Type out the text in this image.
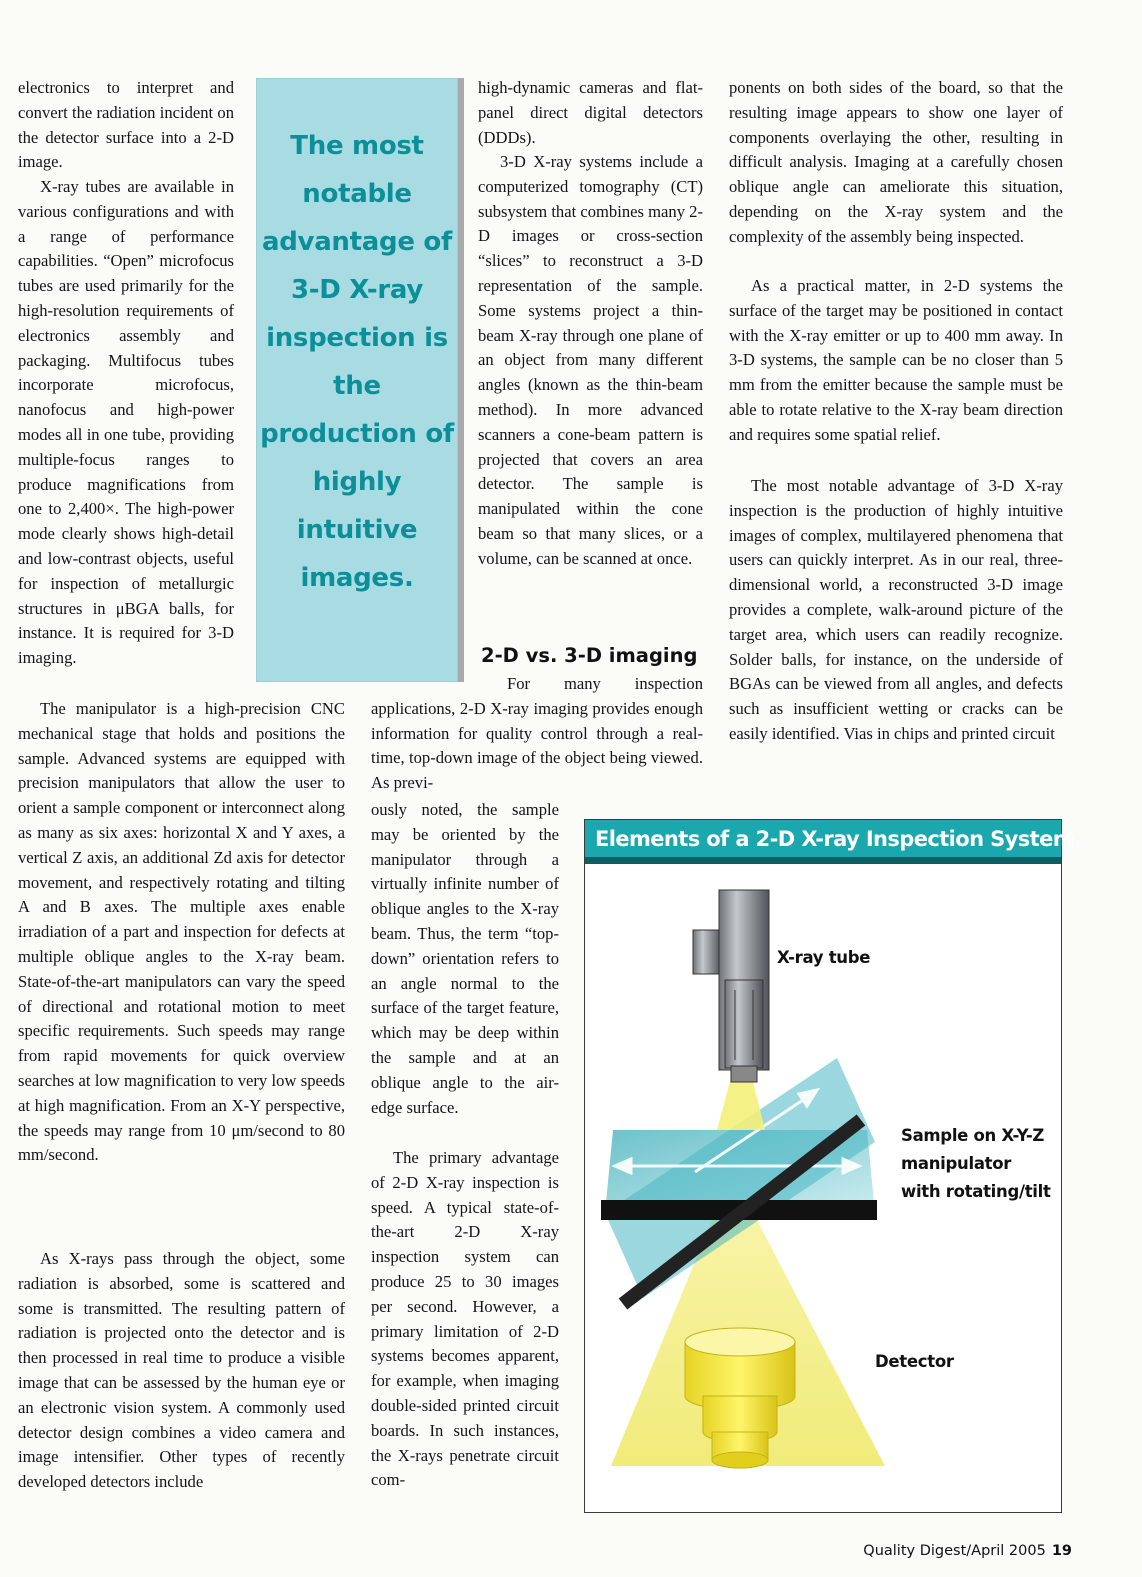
electronics to interpret and convert the radiation incident on the detector surface into a 2-D image.

X-ray tubes are available in various configurations and with a range of performance capabilities. “Open” microfocus tubes are used primarily for the high-resolution requirements of electronics assembly and packaging. Multifocus tubes incorporate microfocus, nanofocus and high-power modes all in one tube, providing multiple-focus ranges to produce magnifications from one to 2,400×. The high-power mode clearly shows high-detail and low-contrast objects, useful for inspection of metallurgic structures in μBGA balls, for instance. It is required for 3-D imaging.

The manipulator is a high-precision CNC mechanical stage that holds and positions the sample. Advanced systems are equipped with precision manipulators that allow the user to orient a sample component or interconnect along as many as six axes: horizontal X and Y axes, a vertical Z axis, an additional Zd axis for detector movement, and respectively rotating and tilting A and B axes. The multiple axes enable irradiation of a part and inspection for defects at multiple oblique angles to the X-ray beam. State-of-the-art manipulators can vary the speed of directional and rotational motion to meet specific requirements. Such speeds may range from rapid movements for quick overview searches at low magnification to very low speeds at high magnification. From an X-Y perspective, the speeds may range from 10 μm/second to 80 mm/second.

As X-rays pass through the object, some radiation is absorbed, some is scattered and some is transmitted. The resulting pattern of radiation is projected onto the detector and is then processed in real time to produce a visible image that can be assessed by the human eye or an electronic vision system. A commonly used detector design combines a video camera and image intensifier. Other types of recently developed detectors include

The most notable advantage of 3-D X-ray inspection is the production of highly intuitive images.

high-dynamic cameras and flat-panel direct digital detectors (DDDs).

3-D X-ray systems include a computerized tomography (CT) subsystem that combines many 2-D images or cross-section “slices” to reconstruct a 3-D representation of the sample. Some systems project a thin-beam X-ray through one plane of an object from many different angles (known as the thin-beam method). In more advanced scanners a cone-beam pattern is projected that covers an area detector. The sample is manipulated within the cone beam so that many slices, or a volume, can be scanned at once.

2-D vs. 3-D imaging

For many inspection applications, 2-D X-ray imaging provides enough information for quality control through a real-time, top-down image of the object being viewed. As previ-

ously noted, the sample may be oriented by the manipulator through a virtually infinite number of oblique angles to the X-ray beam. Thus, the term “top-down” orientation refers to an angle normal to the surface of the target feature, which may be deep within the sample and at an oblique angle to the air-edge surface.

The primary advantage of 2-D X-ray inspection is speed. A typical state-of-the-art 2-D X-ray inspection system can produce 25 to 30 images per second. However, a primary limitation of 2-D systems becomes apparent, for example, when imaging double-sided printed circuit boards. In such instances, the X-rays penetrate circuit com-

ponents on both sides of the board, so that the resulting image appears to show one layer of components overlaying the other, resulting in difficult analysis. Imaging at a carefully chosen oblique angle can ameliorate this situation, depending on the X-ray system and the complexity of the assembly being inspected.

As a practical matter, in 2-D systems the surface of the target may be positioned in contact with the X-ray emitter or up to 400 mm away. In 3-D systems, the sample can be no closer than 5 mm from the emitter because the sample must be able to rotate relative to the X-ray beam direction and requires some spatial relief.

The most notable advantage of 3-D X-ray inspection is the production of highly intuitive images of complex, multilayered phenomena that users can quickly interpret. As in our real, three-dimensional world, a reconstructed 3-D image provides a complete, walk-around picture of the target area, which users can readily recognize. Solder balls, for instance, on the underside of BGAs can be viewed from all angles, and defects such as insufficient wetting or cracks can be easily identified. Vias in chips and printed circuit

Elements of a 2-D X-ray Inspection System
X-ray tube
Sample on X-Y-Z manipulator with rotating/tilt
Detector
Quality Digest/April 2005 19
